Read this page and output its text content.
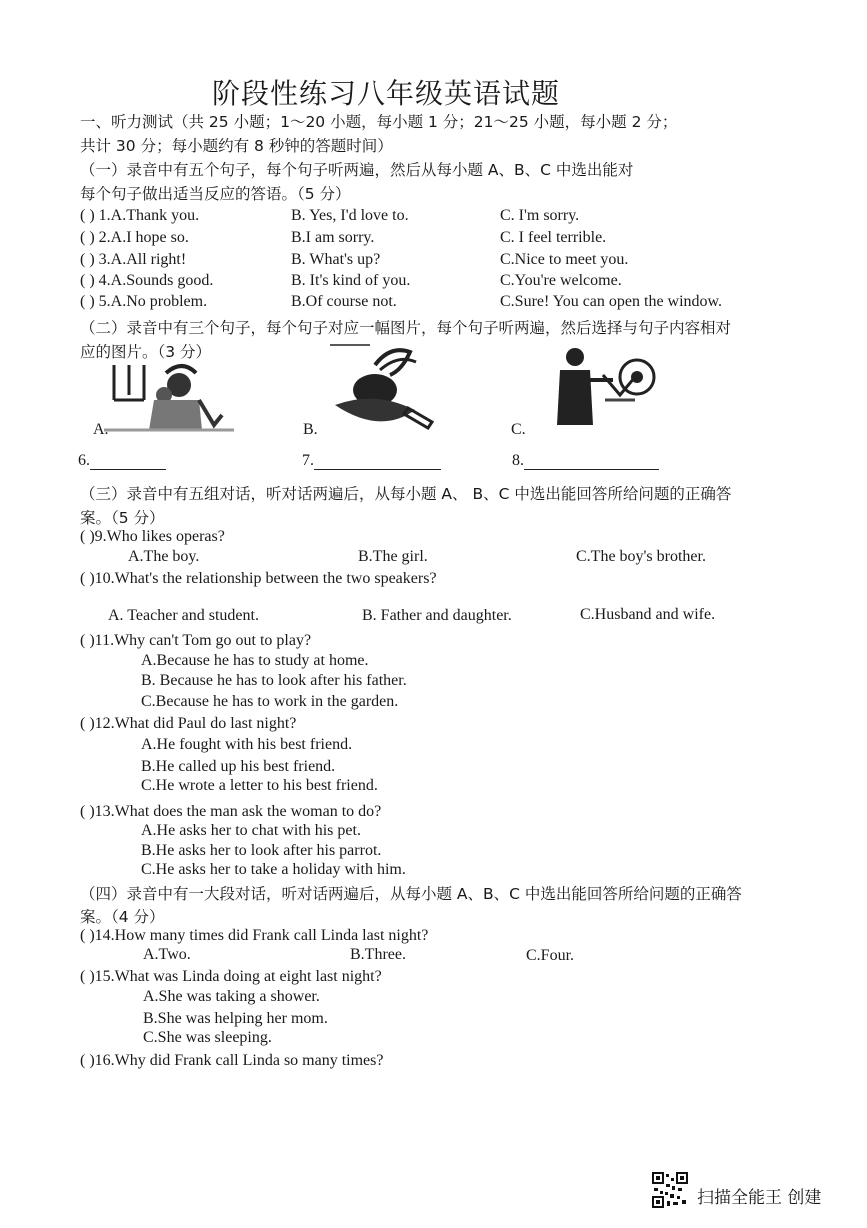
阶段性练习八年级英语试题
一、听力测试（共 25 小题；1～20 小题，每小题 1 分；21～25 小题，每小题 2 分；
共计 30 分；每小题约有 8 秒钟的答题时间）
（一）录音中有五个句子，每个句子听两遍，然后从每小题 A、B、C 中选出能对
每个句子做出适当反应的答语。（5 分）
( ) 1.A.Thank you.	B. Yes, I'd love to.	C. I'm sorry.
( ) 2.A.I hope so.	B.I am sorry.	C. I feel terrible.
( ) 3.A.All right!	B. What's up?	C.Nice to meet you.
( ) 4.A.Sounds good.	B. It's kind of you.	C.You're welcome.
( ) 5.A.No problem.	B.Of course not.	C.Sure! You can open the window.
（二）录音中有三个句子，每个句子对应一幅图片，每个句子听两遍，然后选择与句子内容相对
应的图片。（3 分）
A.	B.	C.
6.	7.	8.
（三）录音中有五组对话，听对话两遍后，从每小题 A、 B、C 中选出能回答所给问题的正确答
案。（5 分）
( )9.Who likes operas?
A.The boy.	B.The girl.	C.The boy's brother.
( )10.What's the relationship between the two speakers?
A. Teacher and student.	B. Father and daughter.	C.Husband and wife.
( )11.Why can't Tom go out to play?
A.Because he has to study at home.
B. Because he has to look after his father.
C.Because he has to work in the garden.
( )12.What did Paul do last night?
A.He fought with his best friend.
B.He called up his best friend.
C.He wrote a letter to his best friend.
( )13.What does the man ask the woman to do?
A.He asks her to chat with his pet.
B.He asks her to look after his parrot.
C.He asks her to take a holiday with him.
（四）录音中有一大段对话，听对话两遍后，从每小题 A、B、C 中选出能回答所给问题的正确答
案。（4 分）
( )14.How many times did Frank call Linda last night?
A.Two.	B.Three.	C.Four.
( )15.What was Linda doing at eight last night?
A.She was taking a shower.
B.She was helping her mom.
C.She was sleeping.
( )16.Why did Frank call Linda so many times?
扫描全能王 创建
